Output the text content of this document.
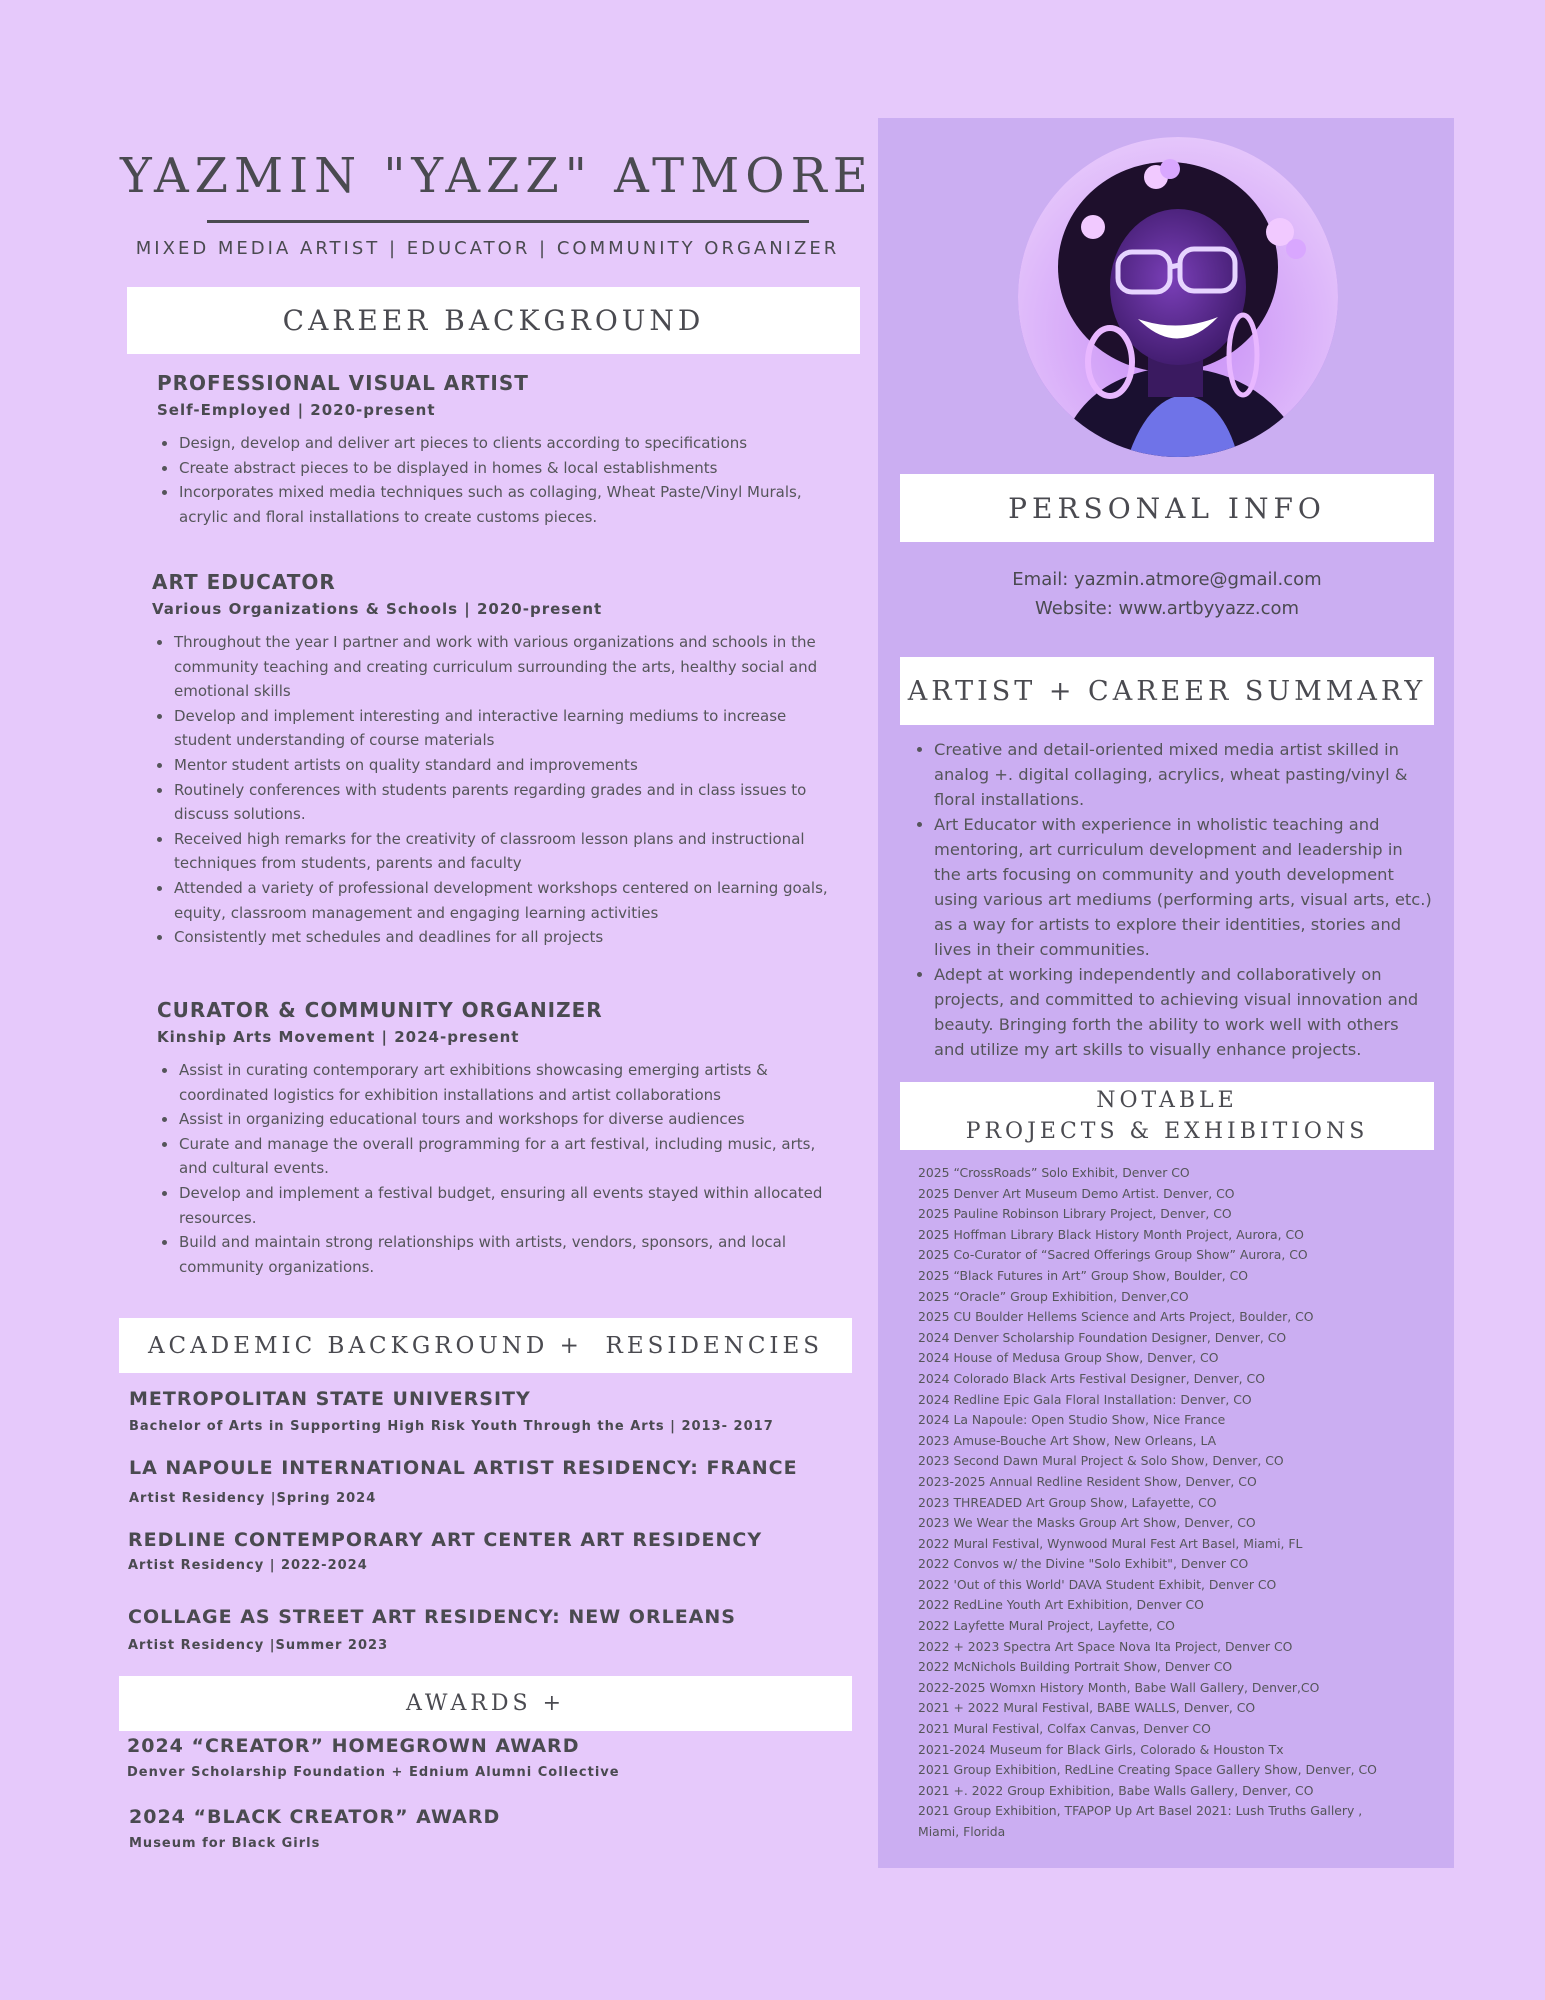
YAZMIN "YAZZ" ATMORE
MIXED MEDIA ARTIST | EDUCATOR | COMMUNITY ORGANIZER
CAREER BACKGROUND
PROFESSIONAL VISUAL ARTIST
Self-Employed | 2020-present
Design, develop and deliver art pieces to clients according to specifications
Create abstract pieces to be displayed in homes & local establishments
Incorporates mixed media techniques such as collaging, Wheat Paste/Vinyl Murals, acrylic and floral installations to create customs pieces.
ART EDUCATOR
Various Organizations & Schools | 2020-present
Throughout the year I partner and work with various organizations and schools in the community teaching and creating curriculum surrounding the arts, healthy social and emotional skills
Develop and implement interesting and interactive learning mediums to increase student understanding of course materials
Mentor student artists on quality standard and improvements
Routinely conferences with students parents regarding grades and in class issues to discuss solutions.
Received high remarks for the creativity of classroom lesson plans and instructional techniques from students, parents and faculty
Attended a variety of professional development workshops centered on learning goals, equity, classroom management and engaging learning activities
Consistently met schedules and deadlines for all projects
CURATOR & COMMUNITY ORGANIZER
Kinship Arts Movement | 2024-present
Assist in curating contemporary art exhibitions showcasing emerging artists & coordinated logistics for exhibition installations and artist collaborations
Assist in organizing educational tours and workshops for diverse audiences
Curate and manage the overall programming for a art festival, including music, arts, and cultural events.
Develop and implement a festival budget, ensuring all events stayed within allocated resources.
Build and maintain strong relationships with artists, vendors, sponsors, and local community organizations.
ACADEMIC BACKGROUND +  RESIDENCIES
METROPOLITAN STATE UNIVERSITY
Bachelor of Arts in Supporting High Risk Youth Through the Arts | 2013- 2017
LA NAPOULE INTERNATIONAL ARTIST RESIDENCY: FRANCE
Artist Residency |Spring 2024
REDLINE CONTEMPORARY ART CENTER ART RESIDENCY
Artist Residency | 2022-2024
COLLAGE AS STREET ART RESIDENCY: NEW ORLEANS
Artist Residency |Summer 2023
AWARDS +
2024 “CREATOR” HOMEGROWN AWARD
Denver Scholarship Foundation + Ednium Alumni Collective
2024 “BLACK CREATOR” AWARD
Museum for Black Girls
PERSONAL INFO
Email: yazmin.atmore@gmail.com
Website: www.artbyyazz.com
ARTIST + CAREER SUMMARY
Creative and detail-oriented mixed media artist skilled in analog +. digital collaging, acrylics, wheat pasting/vinyl & floral installations.
Art Educator with experience in wholistic teaching and mentoring, art curriculum development and leadership in the arts focusing on community and youth development using various art mediums (performing arts, visual arts, etc.) as a way for artists to explore their identities, stories and lives in their communities.
Adept at working independently and collaboratively on projects, and committed to achieving visual innovation and beauty. Bringing forth the ability to work well with others and utilize my art skills to visually enhance projects.
NOTABLE
PROJECTS & EXHIBITIONS
2025 “CrossRoads” Solo Exhibit, Denver CO
2025 Denver Art Museum Demo Artist. Denver, CO
2025 Pauline Robinson Library Project, Denver, CO
2025 Hoffman Library Black History Month Project, Aurora, CO
2025 Co-Curator of “Sacred Offerings Group Show” Aurora, CO
2025 “Black Futures in Art” Group Show, Boulder, CO
2025 “Oracle” Group Exhibition, Denver,CO
2025 CU Boulder Hellems Science and Arts Project, Boulder, CO
2024 Denver Scholarship Foundation Designer, Denver, CO
2024 House of Medusa Group Show, Denver, CO
2024 Colorado Black Arts Festival Designer, Denver, CO
2024 Redline Epic Gala Floral Installation: Denver, CO
2024 La Napoule: Open Studio Show, Nice France
2023 Amuse-Bouche Art Show, New Orleans, LA
2023 Second Dawn Mural Project & Solo Show, Denver, CO
2023-2025 Annual Redline Resident Show, Denver, CO
2023 THREADED Art Group Show, Lafayette, CO
2023 We Wear the Masks Group Art Show, Denver, CO
2022 Mural Festival, Wynwood Mural Fest Art Basel, Miami, FL
2022 Convos w/ the Divine "Solo Exhibit", Denver CO
2022 'Out of this World' DAVA Student Exhibit, Denver CO
2022 RedLine Youth Art Exhibition, Denver CO
2022 Layfette Mural Project, Layfette, CO
2022 + 2023 Spectra Art Space Nova Ita Project, Denver CO
2022 McNichols Building Portrait Show, Denver CO
2022-2025 Womxn History Month, Babe Wall Gallery, Denver,CO
2021 + 2022 Mural Festival, BABE WALLS, Denver, CO
2021 Mural Festival, Colfax Canvas, Denver CO
2021-2024 Museum for Black Girls, Colorado & Houston Tx
2021 Group Exhibition, RedLine Creating Space Gallery Show, Denver, CO
2021 +. 2022 Group Exhibition, Babe Walls Gallery, Denver, CO
2021 Group Exhibition, TFAPOP Up Art Basel 2021: Lush Truths Gallery , Miami, Florida
